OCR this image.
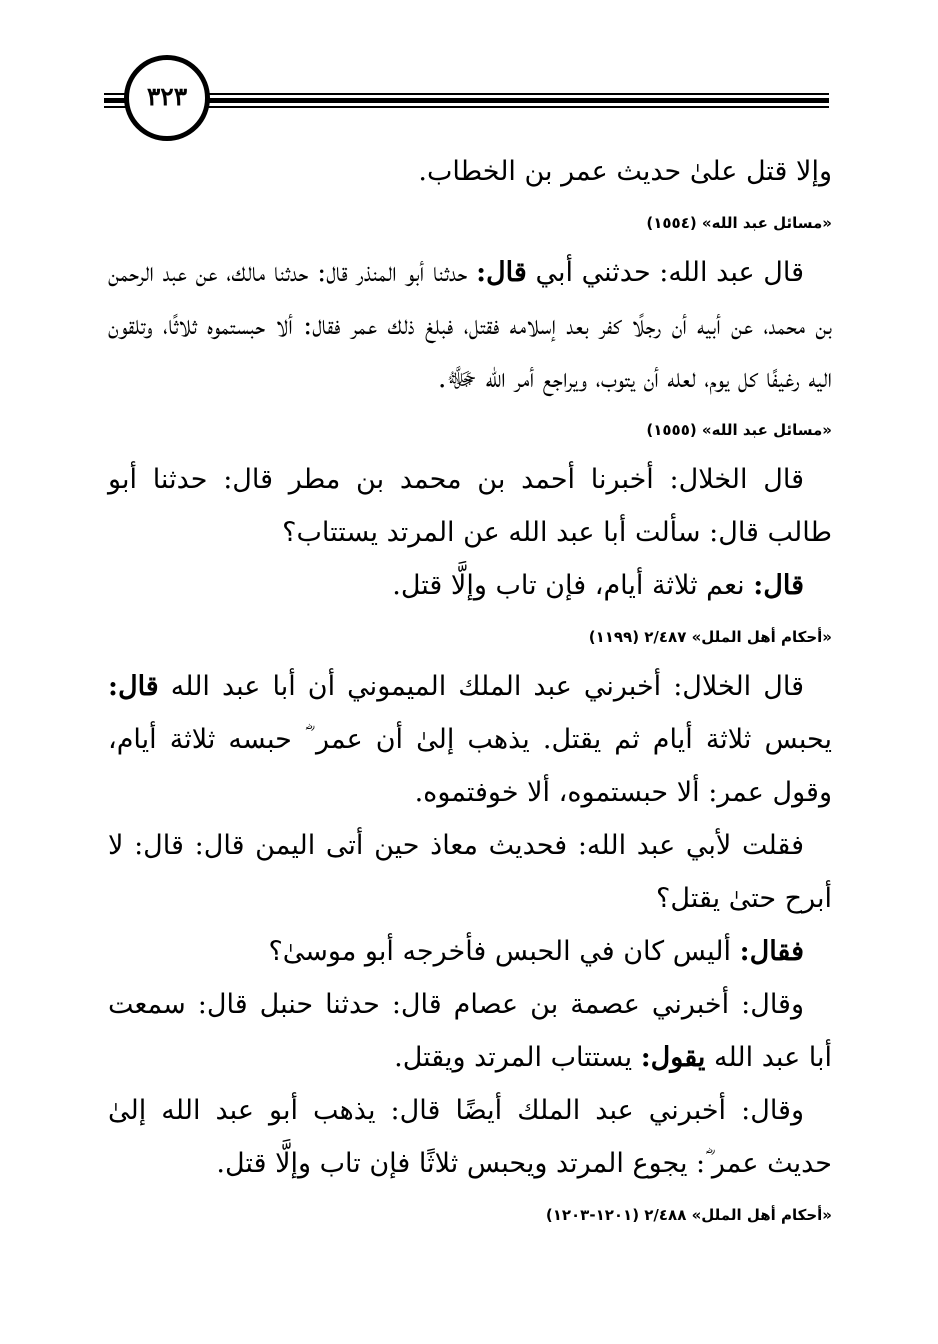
٣٢٣

وإلا قتل علىٰ حديث عمر بن الخطاب.

«مسائل عبد الله» (١٥٥٤)

قال عبد الله: حدثني أبي قال: حدثنا أبو المنذر قال: حدثنا مالك، عن عبد الرحمن بن محمد، عن أبيه أن رجلًا كفر بعد إسلامه فقتل، فبلغ ذلك عمر فقال: ألا حبستموه ثلاثًا، وتلقون اليه رغيفًا كل يوم، لعله أن يتوب، ويراجع أمر الله ﷻ.

«مسائل عبد الله» (١٥٥٥)

قال الخلال: أخبرنا أحمد بن محمد بن مطر قال: حدثنا أبو طالب قال: سألت أبا عبد الله عن المرتد يستتاب؟

قال: نعم ثلاثة أيام، فإن تاب وإلَّا قتل.

«أحكام أهل الملل» ٢/٤٨٧ (١١٩٩)

قال الخلال: أخبرني عبد الملك الميموني أن أبا عبد الله قال: يحبس ثلاثة أيام ثم يقتل. يذهب إلىٰ أن عمر ؓ حبسه ثلاثة أيام، وقول عمر: ألا حبستموه، ألا خوفتموه.

فقلت لأبي عبد الله: فحديث معاذ حين أتى اليمن قال: قال: لا أبرح حتىٰ يقتل؟

فقال: أليس كان في الحبس فأخرجه أبو موسىٰ؟

وقال: أخبرني عصمة بن عصام قال: حدثنا حنبل قال: سمعت أبا عبد الله يقول: يستتاب المرتد ويقتل.

وقال: أخبرني عبد الملك أيضًا قال: يذهب أبو عبد الله إلىٰ حديث عمر ؓ: يجوع المرتد ويحبس ثلاثًا فإن تاب وإلَّا قتل.

«أحكام أهل الملل» ٢/٤٨٨ (١٢٠١-١٢٠٣)
